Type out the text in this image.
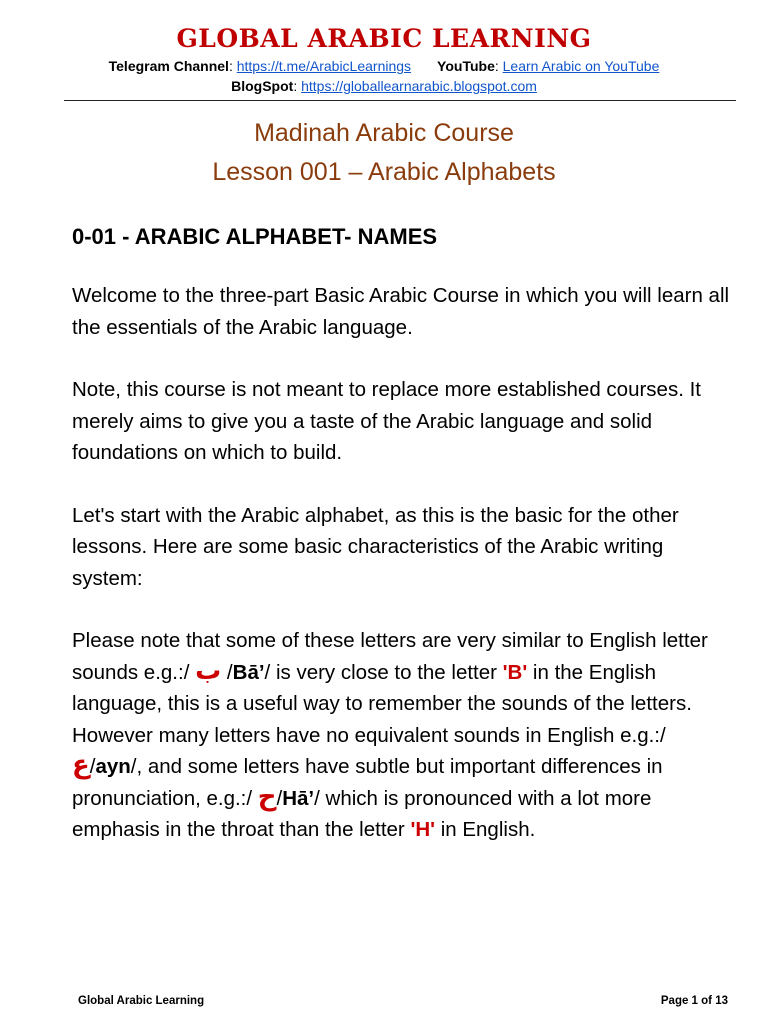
GLOBAL ARABIC LEARNING
Telegram Channel: https://t.me/ArabicLearnings YouTube: Learn Arabic on YouTube
BlogSpot: https://globallearnarabic.blogspot.com
Madinah Arabic Course
Lesson 001 – Arabic Alphabets
0-01 - ARABIC ALPHABET- NAMES

Welcome to the three-part Basic Arabic Course in which you will learn all the essentials of the Arabic language.

Note, this course is not meant to replace more established courses. It merely aims to give you a taste of the Arabic language and solid foundations on which to build.

Let's start with the Arabic alphabet, as this is the basic for the other lessons. Here are some basic characteristics of the Arabic writing system:

Please note that some of these letters are very similar to English letter sounds e.g.:/ ب /Bā’/ is very close to the letter 'B' in the English language, this is a useful way to remember the sounds of the letters. However many letters have no equivalent sounds in English e.g.:/ ع/ayn/, and some letters have subtle but important differences in pronunciation, e.g.:/ ح/Hā’/ which is pronounced with a lot more emphasis in the throat than the letter 'H' in English.

Global Arabic Learning	Page 1 of 13
